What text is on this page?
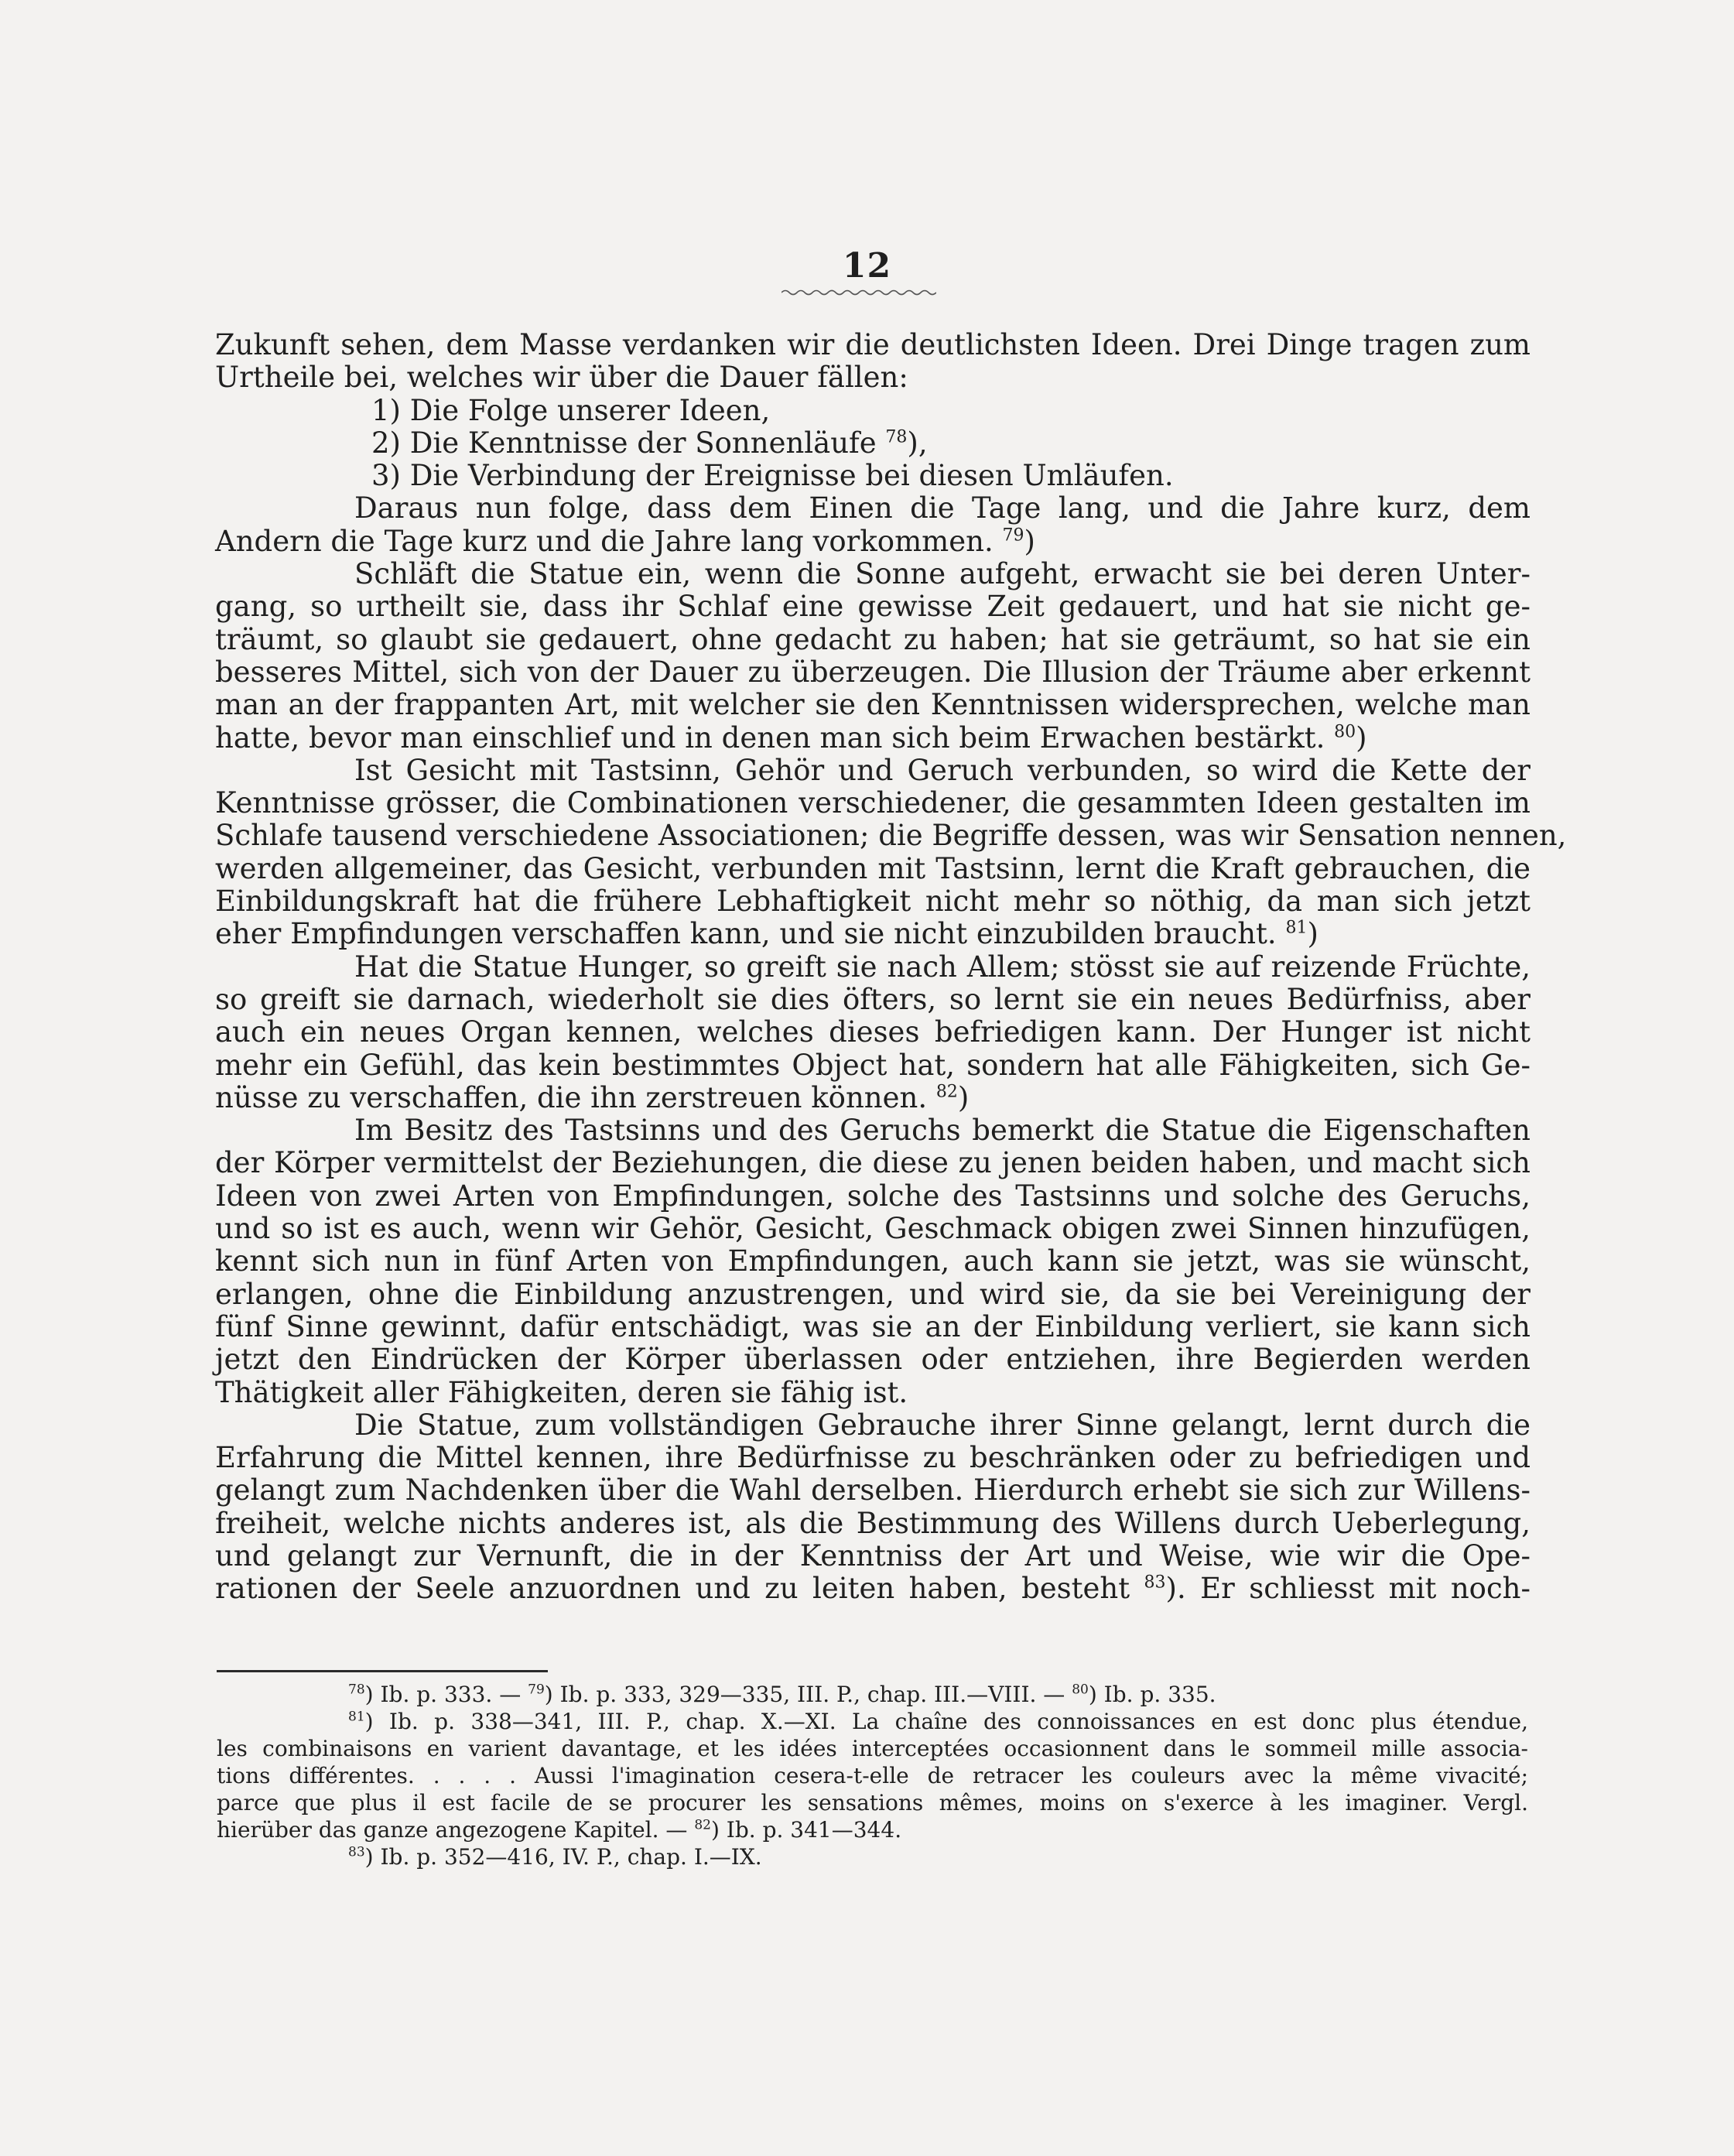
12
Zukunft sehen, dem Masse verdanken wir die deutlichsten Ideen. Drei Dinge tragen zum
Urtheile bei, welches wir über die Dauer fällen:
1) Die Folge unserer Ideen,
2) Die Kenntnisse der Sonnenläufe $^{78}$),
3) Die Verbindung der Ereignisse bei diesen Umläufen.
Daraus nun folge, dass dem Einen die Tage lang, und die Jahre kurz, dem
Andern die Tage kurz und die Jahre lang vorkommen. $^{79}$)
Schläft die Statue ein, wenn die Sonne aufgeht, erwacht sie bei deren Unter-
gang, so urtheilt sie, dass ihr Schlaf eine gewisse Zeit gedauert, und hat sie nicht ge-
träumt, so glaubt sie gedauert, ohne gedacht zu haben; hat sie geträumt, so hat sie ein
besseres Mittel, sich von der Dauer zu überzeugen. Die Illusion der Träume aber erkennt
man an der frappanten Art, mit welcher sie den Kenntnissen widersprechen, welche man
hatte, bevor man einschlief und in denen man sich beim Erwachen bestärkt. $^{80}$)
Ist Gesicht mit Tastsinn, Gehör und Geruch verbunden, so wird die Kette der
Kenntnisse grösser, die Combinationen verschiedener, die gesammten Ideen gestalten im
Schlafe tausend verschiedene Associationen; die Begriffe dessen, was wir Sensation nennen,
werden allgemeiner, das Gesicht, verbunden mit Tastsinn, lernt die Kraft gebrauchen, die
Einbildungskraft hat die frühere Lebhaftigkeit nicht mehr so nöthig, da man sich jetzt
eher Empfindungen verschaffen kann, und sie nicht einzubilden braucht. $^{81}$)
Hat die Statue Hunger, so greift sie nach Allem; stösst sie auf reizende Früchte,
so greift sie darnach, wiederholt sie dies öfters, so lernt sie ein neues Bedürfniss, aber
auch ein neues Organ kennen, welches dieses befriedigen kann. Der Hunger ist nicht
mehr ein Gefühl, das kein bestimmtes Object hat, sondern hat alle Fähigkeiten, sich Ge-
nüsse zu verschaffen, die ihn zerstreuen können. $^{82}$)
Im Besitz des Tastsinns und des Geruchs bemerkt die Statue die Eigenschaften
der Körper vermittelst der Beziehungen, die diese zu jenen beiden haben, und macht sich
Ideen von zwei Arten von Empfindungen, solche des Tastsinns und solche des Geruchs,
und so ist es auch, wenn wir Gehör, Gesicht, Geschmack obigen zwei Sinnen hinzufügen,
kennt sich nun in fünf Arten von Empfindungen, auch kann sie jetzt, was sie wünscht,
erlangen, ohne die Einbildung anzustrengen, und wird sie, da sie bei Vereinigung der
fünf Sinne gewinnt, dafür entschädigt, was sie an der Einbildung verliert, sie kann sich
jetzt den Eindrücken der Körper überlassen oder entziehen, ihre Begierden werden
Thätigkeit aller Fähigkeiten, deren sie fähig ist.
Die Statue, zum vollständigen Gebrauche ihrer Sinne gelangt, lernt durch die
Erfahrung die Mittel kennen, ihre Bedürfnisse zu beschränken oder zu befriedigen und
gelangt zum Nachdenken über die Wahl derselben. Hierdurch erhebt sie sich zur Willens-
freiheit, welche nichts anderes ist, als die Bestimmung des Willens durch Ueberlegung,
und gelangt zur Vernunft, die in der Kenntniss der Art und Weise, wie wir die Ope-
rationen der Seele anzuordnen und zu leiten haben, besteht $^{83}$). Er schliesst mit noch-
$^{78}$) Ib. p. 333. — $^{79}$) Ib. p. 333, 329—335, III. P., chap. III.—VIII. — $^{80}$) Ib. p. 335.
$^{81}$) Ib. p. 338—341, III. P., chap. X.—XI. La chaîne des connoissances en est donc plus étendue,
les combinaisons en varient davantage, et les idées interceptées occasionnent dans le sommeil mille associa-
tions différentes. . . . . Aussi l'imagination cesera-t-elle de retracer les couleurs avec la même vivacité;
parce que plus il est facile de se procurer les sensations mêmes, moins on s'exerce à les imaginer. Vergl.
hierüber das ganze angezogene Kapitel. — $^{82}$) Ib. p. 341—344.
$^{83}$) Ib. p. 352—416, IV. P., chap. I.—IX.
